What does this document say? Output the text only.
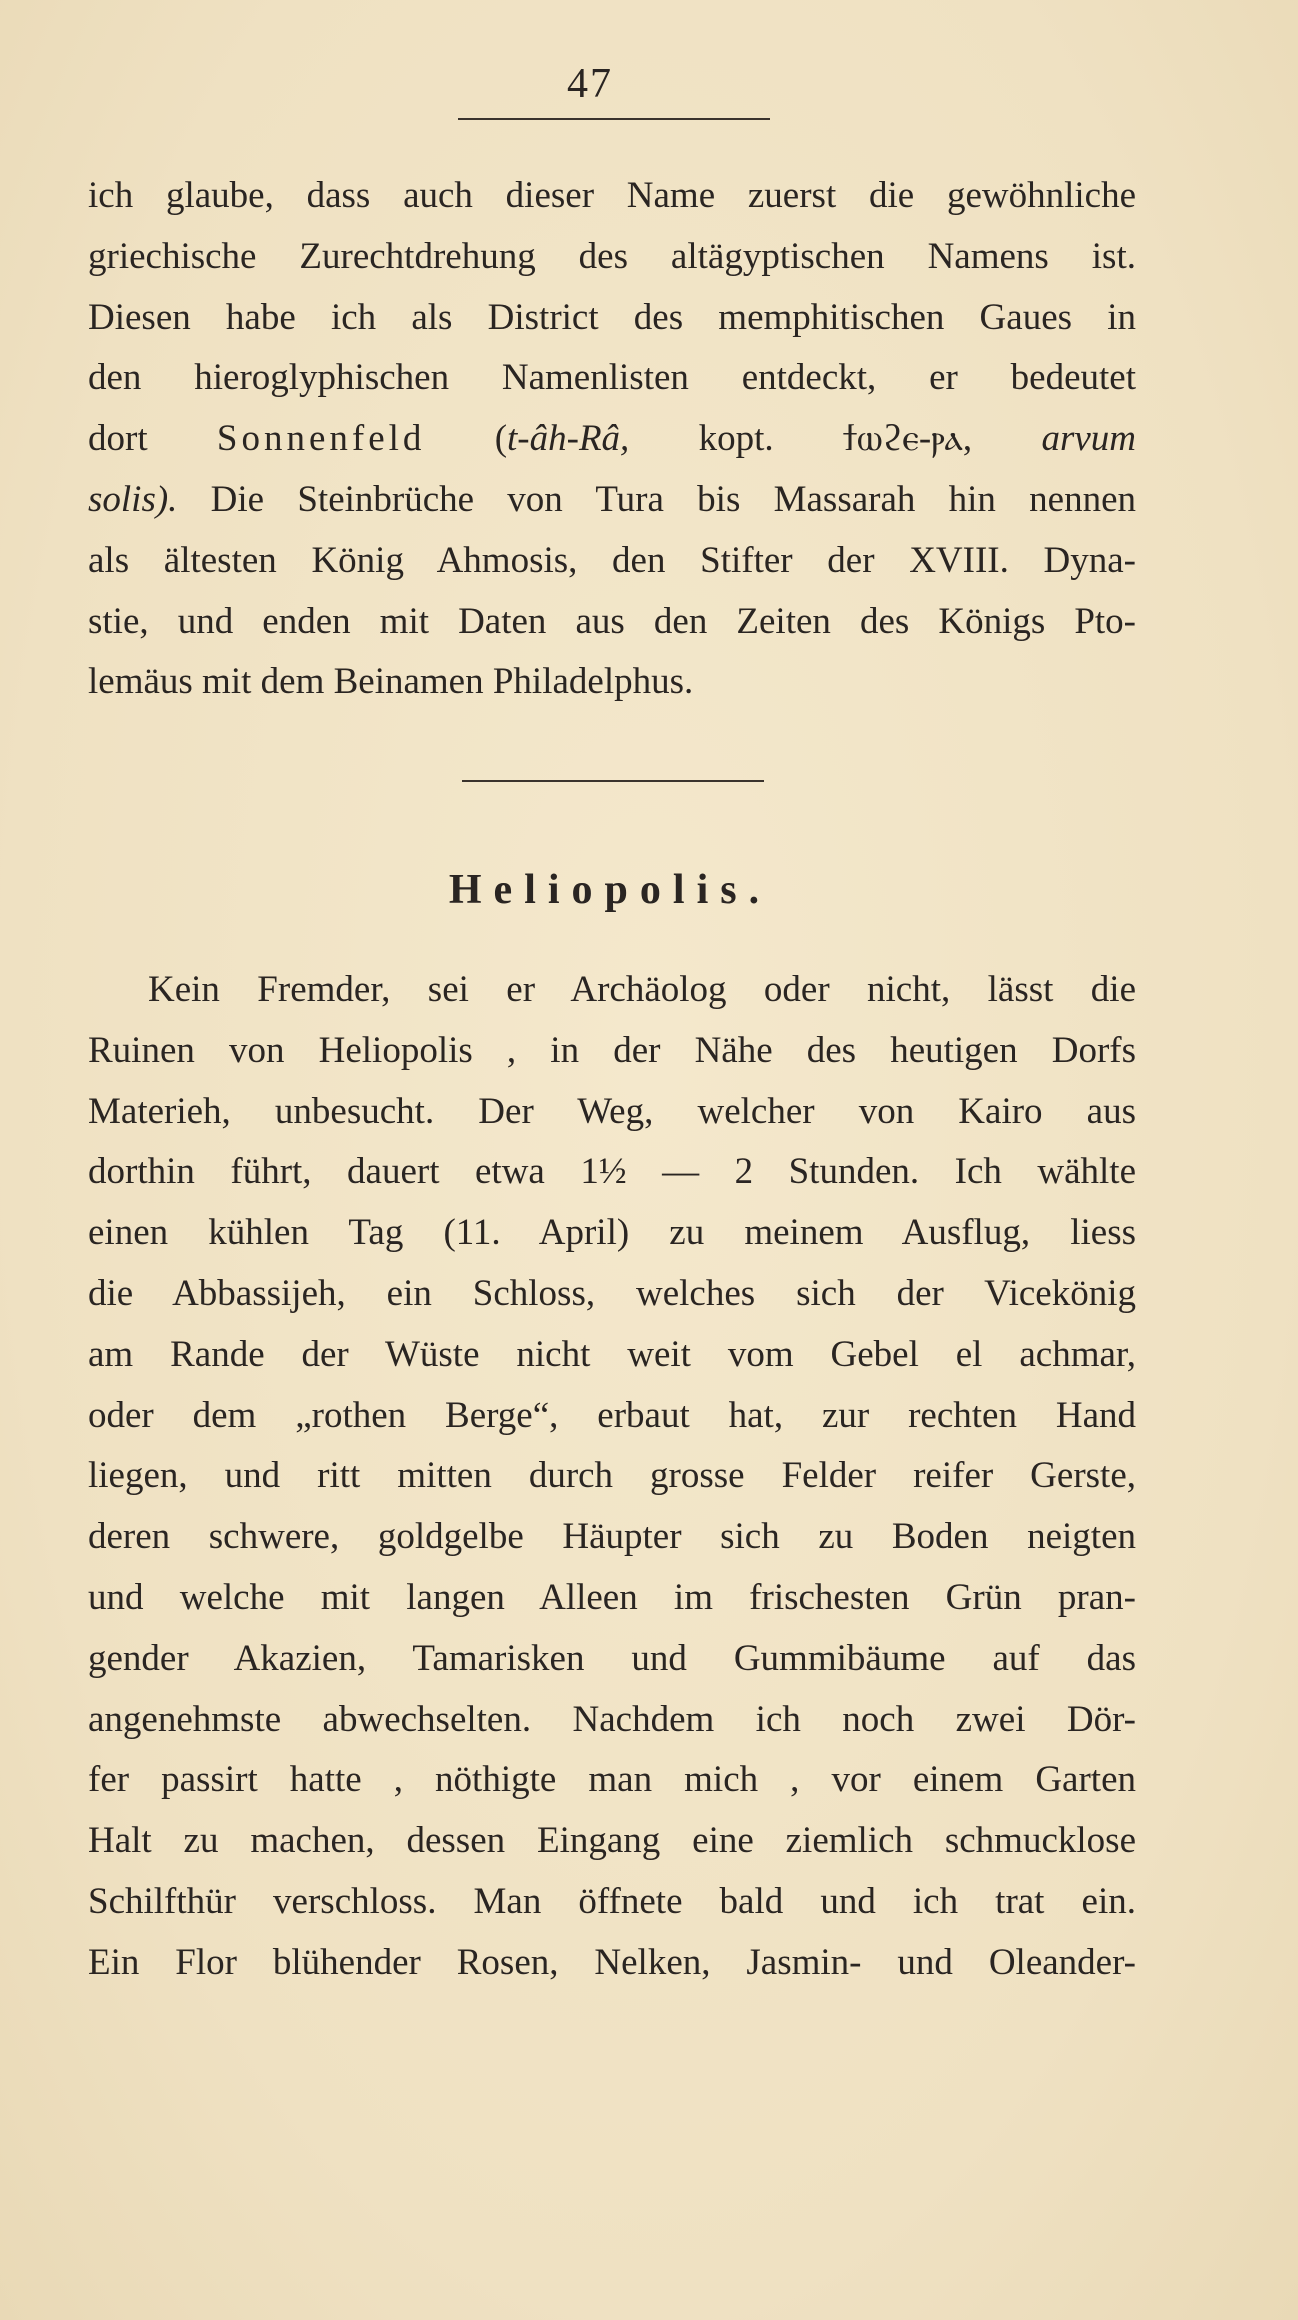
47
ich glaube, dass auch dieser Name zuerst die gewöhnliche
griechische Zurechtdrehung des altägyptischen Namens ist.
Diesen habe ich als District des memphitischen Gaues in
den hieroglyphischen Namenlisten entdeckt, er bedeutet
dort Sonnenfeld (t-âh-Râ, kopt. ϯⲱϩⲉ-ⲣⲁ, arvum
solis). Die Steinbrüche von Tura bis Massarah hin nennen
als ältesten König Ahmosis, den Stifter der XVIII. Dyna-
stie, und enden mit Daten aus den Zeiten des Königs Pto-
lemäus mit dem Beinamen Philadelphus.
Heliopolis.
Kein Fremder, sei er Archäolog oder nicht, lässt die
Ruinen von Heliopolis , in der Nähe des heutigen Dorfs
Materieh, unbesucht. Der Weg, welcher von Kairo aus
dorthin führt, dauert etwa 1½ — 2 Stunden. Ich wählte
einen kühlen Tag (11. April) zu meinem Ausflug, liess
die Abbassijeh, ein Schloss, welches sich der Vicekönig
am Rande der Wüste nicht weit vom Gebel el achmar,
oder dem „rothen Berge“, erbaut hat, zur rechten Hand
liegen, und ritt mitten durch grosse Felder reifer Gerste,
deren schwere, goldgelbe Häupter sich zu Boden neigten
und welche mit langen Alleen im frischesten Grün pran-
gender Akazien, Tamarisken und Gummibäume auf das
angenehmste abwechselten. Nachdem ich noch zwei Dör-
fer passirt hatte , nöthigte man mich , vor einem Garten
Halt zu machen, dessen Eingang eine ziemlich schmucklose
Schilfthür verschloss. Man öffnete bald und ich trat ein.
Ein Flor blühender Rosen, Nelken, Jasmin- und Oleander-
